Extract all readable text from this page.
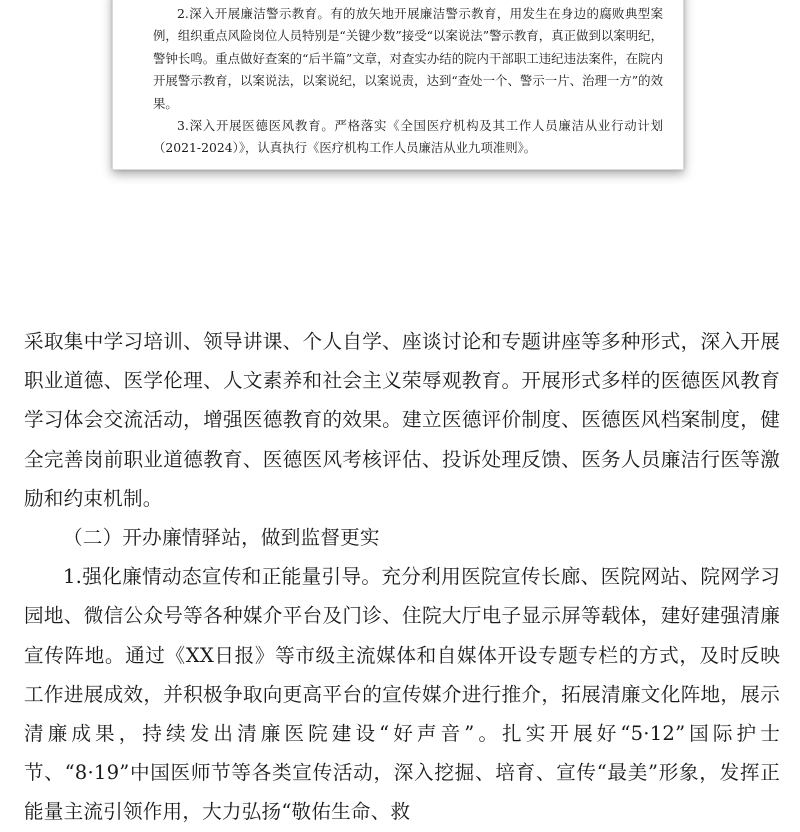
2.深入开展廉洁警示教育。有的放矢地开展廉洁警示教育，用发生在身边的腐败典型案例，组织重点风险岗位人员特别是“关键少数”接受“以案说法”警示教育，真正做到以案明纪，警钟长鸣。重点做好查案的“后半篇”文章，对查实办结的院内干部职工违纪违法案件，在院内开展警示教育，以案说法，以案说纪，以案说责，达到“查处一个、警示一片、治理一方”的效果。

3.深入开展医德医风教育。严格落实《全国医疗机构及其工作人员廉洁从业行动计划（2021-2024）》，认真执行《医疗机构工作人员廉洁从业九项准则》。

采取集中学习培训、领导讲课、个人自学、座谈讨论和专题讲座等多种形式，深入开展职业道德、医学伦理、人文素养和社会主义荣辱观教育。开展形式多样的医德医风教育学习体会交流活动，增强医德教育的效果。建立医德评价制度、医德医风档案制度，健全完善岗前职业道德教育、医德医风考核评估、投诉处理反馈、医务人员廉洁行医等激励和约束机制。

（二）开办廉情驿站，做到监督更实

1.强化廉情动态宣传和正能量引导。充分利用医院宣传长廊、医院网站、院网学习园地、微信公众号等各种媒介平台及门诊、住院大厅电子显示屏等载体，建好建强清廉宣传阵地。通过《XX日报》等市级主流媒体和自媒体开设专题专栏的方式，及时反映工作进展成效，并积极争取向更高平台的宣传媒介进行推介，拓展清廉文化阵地，展示清廉成果，持续发出清廉医院建设“好声音”。扎实开展好“5·12”国际护士节、“8·19”中国医师节等各类宣传活动，深入挖掘、培育、宣传“最美”形象，发挥正能量主流引领作用，大力弘扬“敬佑生命、救
